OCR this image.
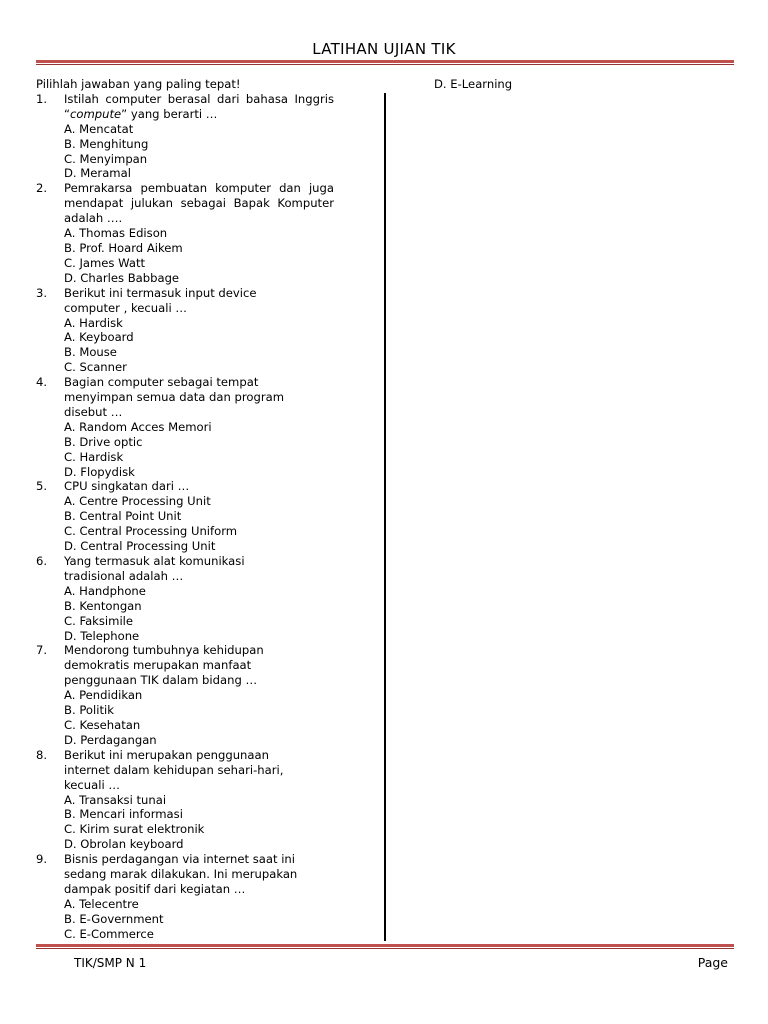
LATIHAN UJIAN TIK
Pilihlah jawaban yang paling tepat!
1.	Istilah computer berasal dari bahasa Inggris “compute” yang berarti …
A. Mencatat
B. Menghitung
C. Menyimpan
D. Meramal
2.	Pemrakarsa pembuatan komputer dan juga mendapat julukan sebagai Bapak Komputer adalah ….
A. Thomas Edison
B. Prof. Hoard Aikem
C. James Watt
D. Charles Babbage
3.	Berikut ini termasuk input device
computer , kecuali …
A. Hardisk
A. Keyboard
B. Mouse
C. Scanner
4.	Bagian computer sebagai tempat
menyimpan semua data dan program
disebut …
A. Random Acces Memori
B. Drive optic
C. Hardisk
D. Flopydisk
5.	CPU singkatan dari …
A. Centre Processing Unit
B. Central Point Unit
C. Central Processing Uniform
D. Central Processing Unit
6.	Yang termasuk alat komunikasi
tradisional adalah …
A. Handphone
B. Kentongan
C. Faksimile
D. Telephone
7.	Mendorong tumbuhnya kehidupan
demokratis merupakan manfaat
penggunaan TIK dalam bidang …
A. Pendidikan
B. Politik
C. Kesehatan
D. Perdagangan
8.	Berikut ini merupakan penggunaan
internet dalam kehidupan sehari-hari,
kecuali …
A. Transaksi tunai
B. Mencari informasi
C. Kirim surat elektronik
D. Obrolan keyboard
9.	Bisnis perdagangan via internet saat ini
sedang marak dilakukan. Ini merupakan
dampak positif dari kegiatan …
A. Telecentre
B. E-Government
C. E-Commerce
D. E-Learning
TIK/SMP N 1	Page
